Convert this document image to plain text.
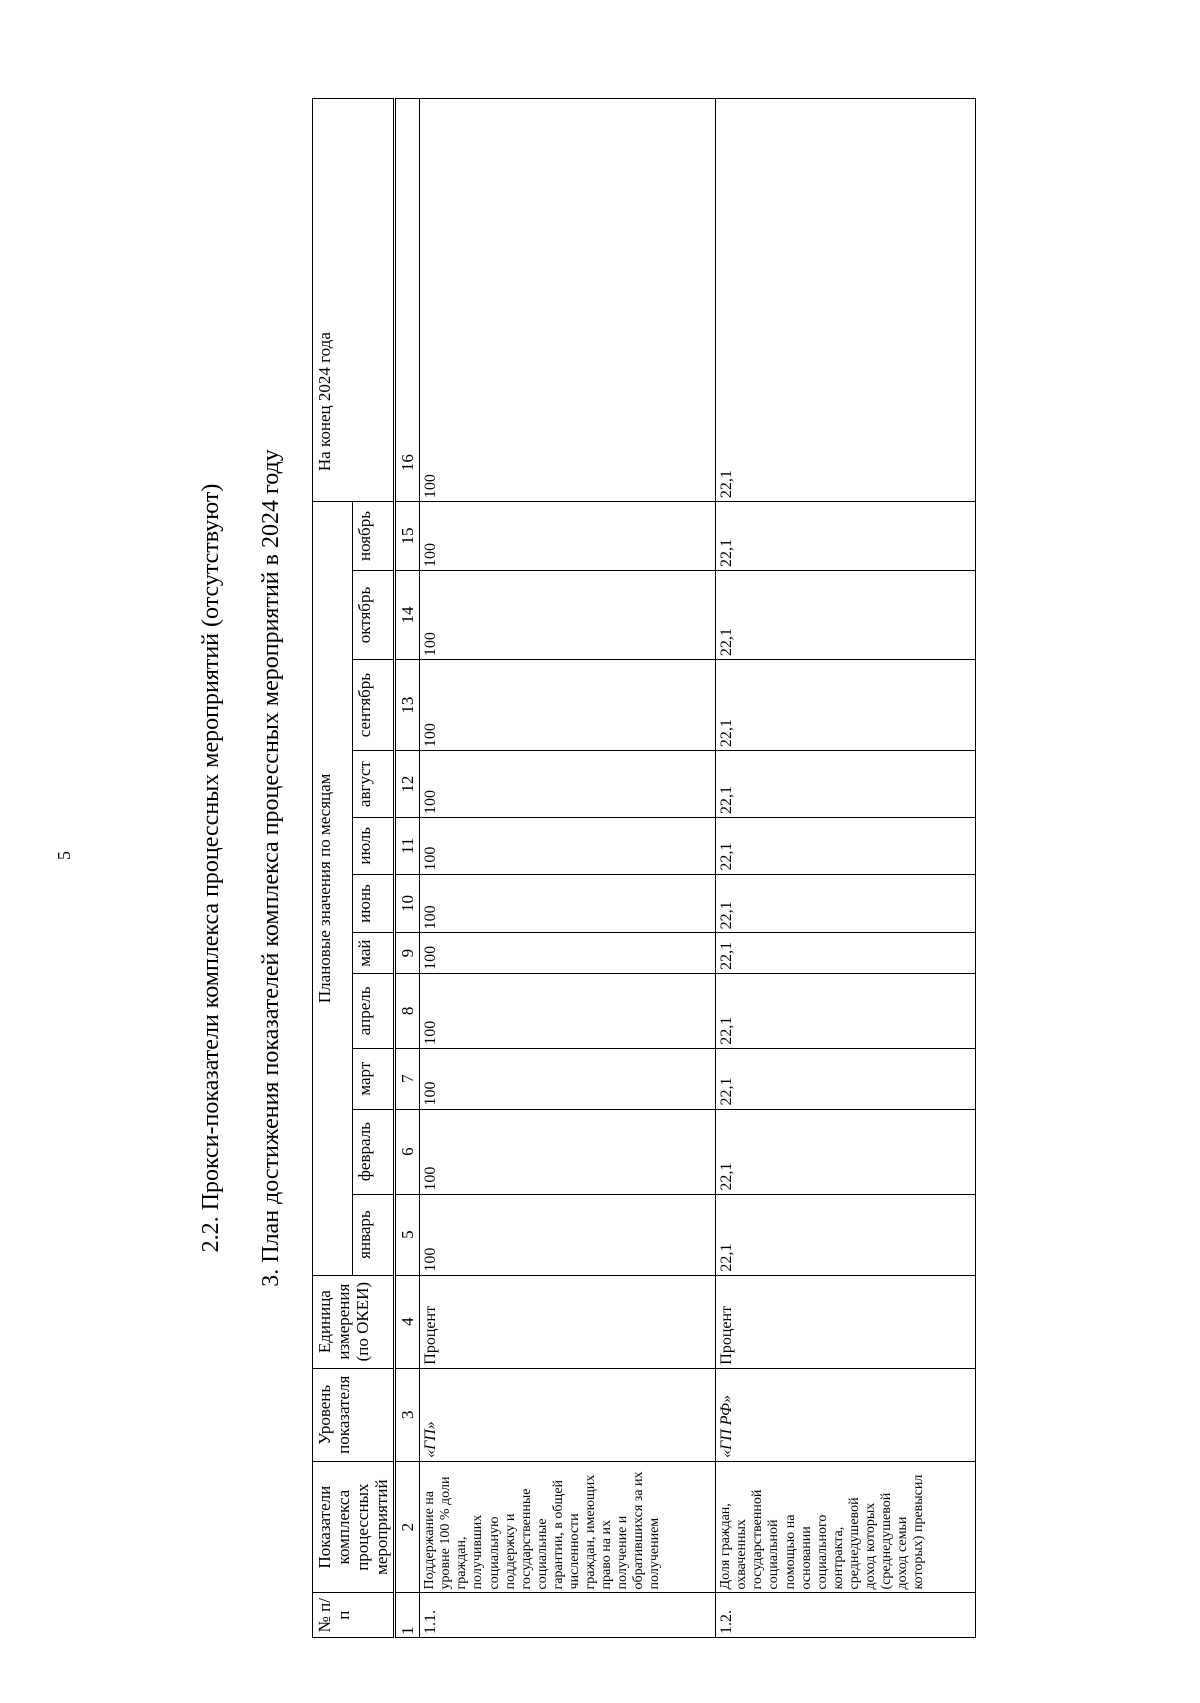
5	2.2. Прокси-показатели комплекса процессных мероприятий (отсутствуют) 3. План достижения показателей комплекса процессных мероприятий в 2024 году
№ п/п	Показатели комплекса процессных мероприятий	Уровень показателя	Единица измерения (по ОКЕИ)	Плановые значения по месяцам											На конец 2024 года
				январь	февраль	март	апрель	май	июнь	июль	август	сентябрь	октябрь	ноябрь	
1	2	3	4	5	6	7	8	9	10	11	12	13	14	15	16
1.1.	Поддержание на уровне 100 % доли граждан, получивших социальную поддержку и государственные социальные гарантии, в общей численности граждан, имеющих право на их получение и обратившихся за их получением	«ГП»	Процент	100	100	100	100	100	100	100	100	100	100	100	100
1.2.	Доля граждан, охваченных государственной социальной помощью на основании социального контракта, среднедушевой доход которых (среднедушевой доход семьи которых) превысил	«ГП РФ»	Процент	22,1	22,1	22,1	22,1	22,1	22,1	22,1	22,1	22,1	22,1	22,1	22,1
